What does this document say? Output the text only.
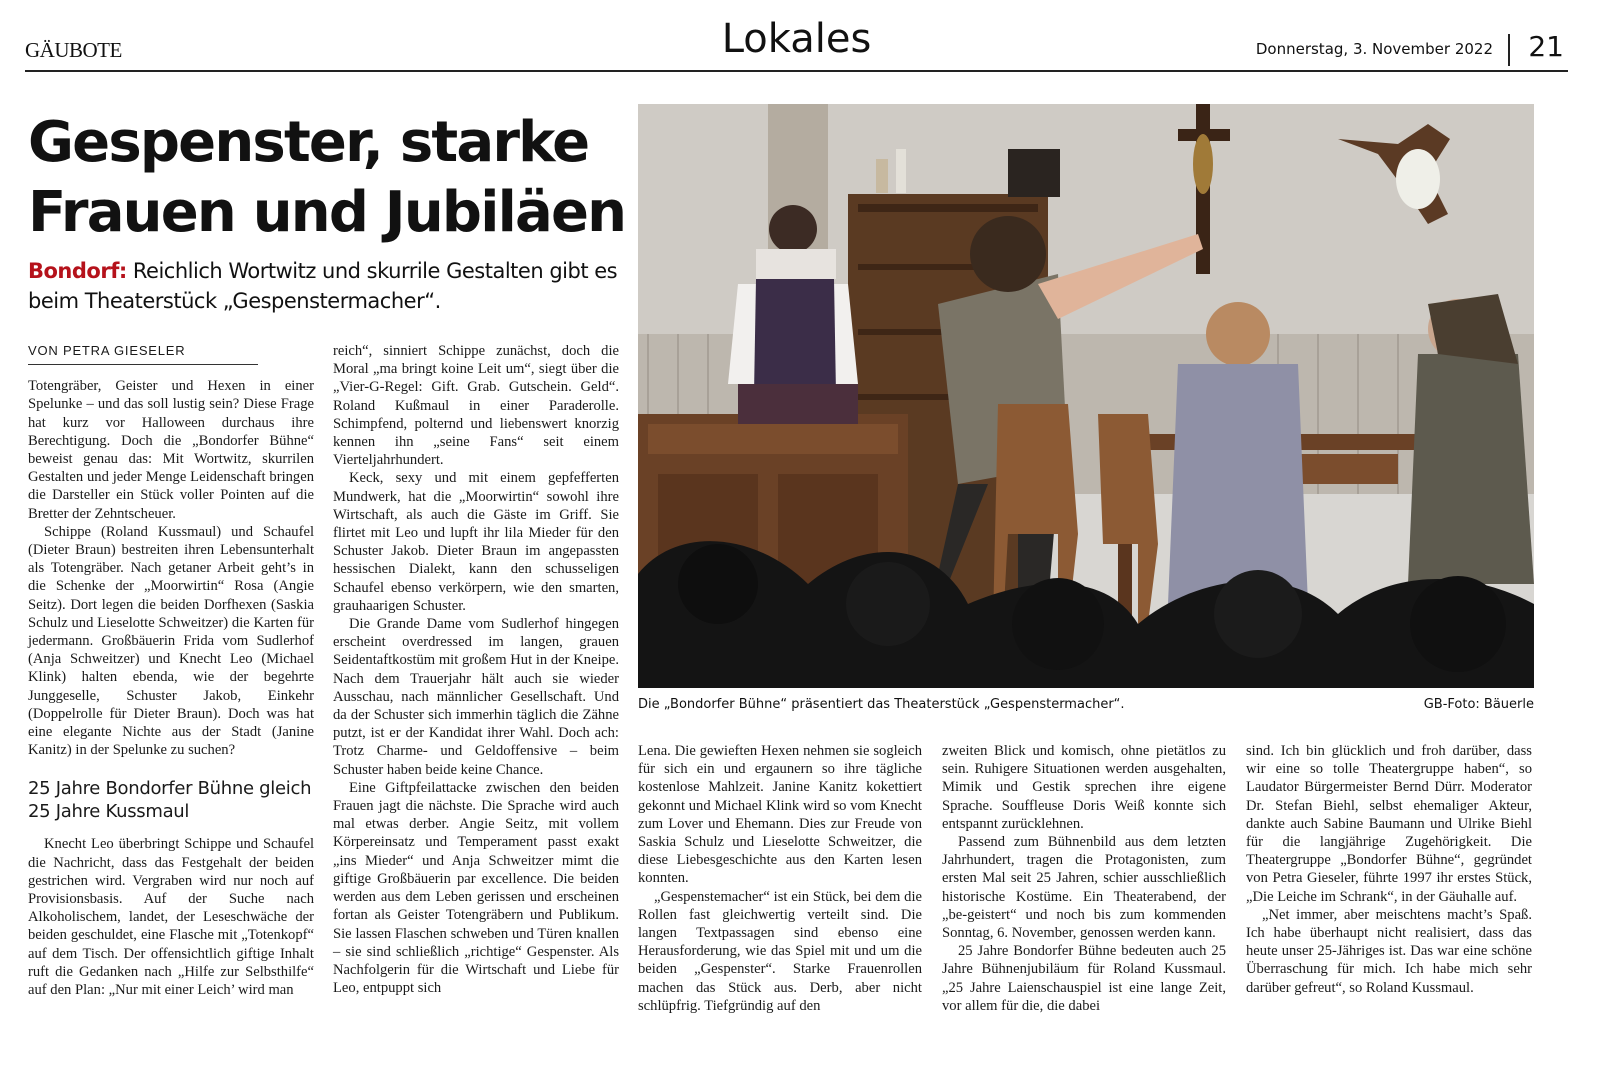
GÄUBOTE	Lokales	Donnerstag, 3. November 2022 21
Gespenster, starke
Frauen und Jubiläen
Bondorf: Reichlich Wortwitz und skurrile Gestalten gibt es beim Theaterstück „Gespenstermacher“.
VON PETRA GIESELER

Totengräber, Geister und Hexen in einer Spelunke – und das soll lustig sein? Diese Frage hat kurz vor Halloween durchaus ihre Berechtigung. Doch die „Bondorfer Bühne“ beweist genau das: Mit Wortwitz, skurrilen Gestalten und jeder Menge Leidenschaft bringen die Darsteller ein Stück voller Pointen auf die Bretter der Zehntscheuer.

Schippe (Roland Kussmaul) und Schaufel (Dieter Braun) bestreiten ihren Lebensunterhalt als Totengräber. Nach getaner Arbeit geht’s in die Schenke der „Moorwirtin“ Rosa (Angie Seitz). Dort legen die beiden Dorfhexen (Saskia Schulz und Lieselotte Schweitzer) die Karten für jedermann. Großbäuerin Frida vom Sudlerhof (Anja Schweitzer) und Knecht Leo (Michael Klink) halten ebenda, wie der begehrte Junggeselle, Schuster Jakob, Einkehr (Doppelrolle für Dieter Braun). Doch was hat eine elegante Nichte aus der Stadt (Janine Kanitz) in der Spelunke zu suchen?

25 Jahre Bondorfer Bühne gleich 25 Jahre Kussmaul

Knecht Leo überbringt Schippe und Schaufel die Nachricht, dass das Festgehalt der beiden gestrichen wird. Vergraben wird nur noch auf Provisionsbasis. Auf der Suche nach Alkoholischem, landet, der Leseschwäche der beiden geschuldet, eine Flasche mit „Totenkopf“ auf dem Tisch. Der offensichtlich giftige Inhalt ruft die Gedanken nach „Hilfe zur Selbsthilfe“ auf den Plan: „Nur mit einer Leich’ wird man

reich“, sinniert Schippe zunächst, doch die Moral „ma bringt koine Leit um“, siegt über die „Vier-G-Regel: Gift. Grab. Gutschein. Geld“. Roland Kußmaul in einer Paraderolle. Schimpfend, polternd und liebenswert knorzig kennen ihn „seine Fans“ seit einem Vierteljahrhundert.

Keck, sexy und mit einem gepfefferten Mundwerk, hat die „Moorwirtin“ sowohl ihre Wirtschaft, als auch die Gäste im Griff. Sie flirtet mit Leo und lupft ihr lila Mieder für den Schuster Jakob. Dieter Braun im angepassten hessischen Dialekt, kann den schusseligen Schaufel ebenso verkörpern, wie den smarten, grauhaarigen Schuster.

Die Grande Dame vom Sudlerhof hingegen erscheint overdressed im langen, grauen Seidentaftkostüm mit großem Hut in der Kneipe. Nach dem Trauerjahr hält auch sie wieder Ausschau, nach männlicher Gesellschaft. Und da der Schuster sich immerhin täglich die Zähne putzt, ist er der Kandidat ihrer Wahl. Doch ach: Trotz Charme- und Geldoffensive – beim Schuster haben beide keine Chance.

Eine Giftpfeilattacke zwischen den beiden Frauen jagt die nächste. Die Sprache wird auch mal etwas derber. Angie Seitz, mit vollem Körpereinsatz und Temperament passt exakt „ins Mieder“ und Anja Schweitzer mimt die giftige Großbäuerin par excellence. Die beiden werden aus dem Leben gerissen und erscheinen fortan als Geister Totengräbern und Publikum. Sie lassen Flaschen schweben und Türen knallen – sie sind schließlich „richtige“ Gespenster. Als Nachfolgerin für die Wirtschaft und Liebe für Leo, entpuppt sich

Die „Bondorfer Bühne“ präsentiert das Theaterstück „Gespenstermacher“.	GB-Foto: Bäuerle

Lena. Die gewieften Hexen nehmen sie sogleich für sich ein und ergaunern so ihre tägliche kostenlose Mahlzeit. Janine Kanitz kokettiert gekonnt und Michael Klink wird so vom Knecht zum Lover und Ehemann. Dies zur Freude von Saskia Schulz und Lieselotte Schweitzer, die diese Liebesgeschichte aus den Karten lesen konnten.

„Gespenstemacher“ ist ein Stück, bei dem die Rollen fast gleichwertig verteilt sind. Die langen Textpassagen sind ebenso eine Herausforderung, wie das Spiel mit und um die beiden „Gespenster“. Starke Frauenrollen machen das Stück aus. Derb, aber nicht schlüpfrig. Tiefgründig auf den

zweiten Blick und komisch, ohne pietätlos zu sein. Ruhigere Situationen werden ausgehalten, Mimik und Gestik sprechen ihre eigene Sprache. Souffleuse Doris Weiß konnte sich entspannt zurücklehnen.

Passend zum Bühnenbild aus dem letzten Jahrhundert, tragen die Protagonisten, zum ersten Mal seit 25 Jahren, schier ausschließlich historische Kostüme. Ein Theaterabend, der „be-geistert“ und noch bis zum kommenden Sonntag, 6. November, genossen werden kann.

25 Jahre Bondorfer Bühne bedeuten auch 25 Jahre Bühnenjubiläum für Roland Kussmaul. „25 Jahre Laienschauspiel ist eine lange Zeit, vor allem für die, die dabei

sind. Ich bin glücklich und froh darüber, dass wir eine so tolle Theatergruppe haben“, so Laudator Bürgermeister Bernd Dürr. Moderator Dr. Stefan Biehl, selbst ehemaliger Akteur, dankte auch Sabine Baumann und Ulrike Biehl für die langjährige Zugehörigkeit. Die Theatergruppe „Bondorfer Bühne“, gegründet von Petra Gieseler, führte 1997 ihr erstes Stück, „Die Leiche im Schrank“, in der Gäuhalle auf.

„Net immer, aber meischtens macht’s Spaß. Ich habe überhaupt nicht realisiert, dass das heute unser 25-Jähriges ist. Das war eine schöne Überraschung für mich. Ich habe mich sehr darüber gefreut“, so Roland Kussmaul.
